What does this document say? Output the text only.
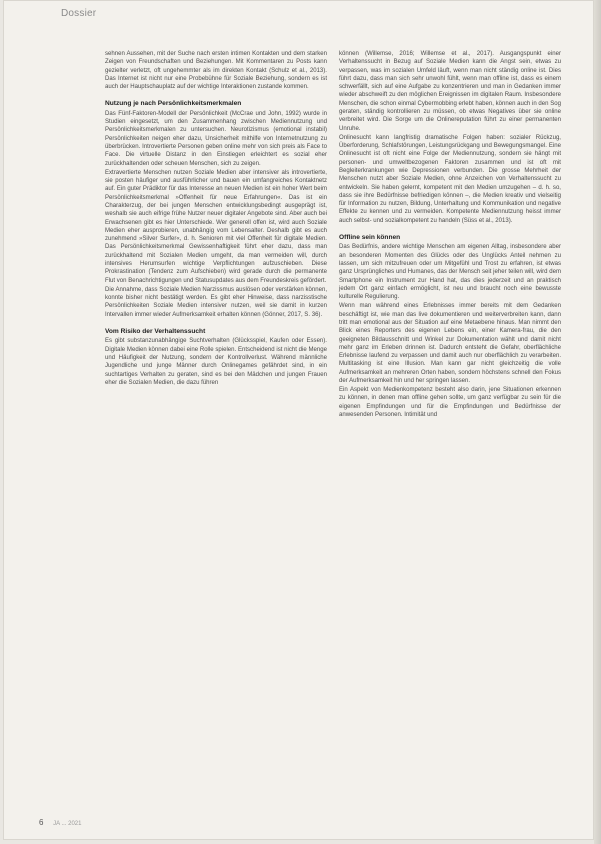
Dossier

sehnen Aussehen, mit der Suche nach ersten intimen Kontakten und dem starken Zeigen von Freundschaften und Beziehungen. Mit Kommentaren zu Posts kann gezielter verletzt, oft ungehemmter als im direkten Kontakt (Schulz et al., 2013). Das Internet ist nicht nur eine Probebühne für Soziale Beziehung, sondern es ist auch der Hauptschauplatz auf der wichtige Interaktionen zustande kommen.

Nutzung je nach Persönlichkeitsmerkmalen

Das Fünf-Faktoren-Modell der Persönlichkeit (McCrae und John, 1992) wurde in Studien eingesetzt, um den Zusammenhang zwischen Mediennutzung und Persönlichkeitsmerkmalen zu untersuchen. Neurotizismus (emotional instabil) Persönlichkeiten neigen eher dazu, Unsicherheit mithilfe von Internetnutzung zu überbrücken. Introvertierte Personen geben online mehr von sich preis als Face to Face. Die virtuelle Distanz in den Einstiegen erleichtert es sozial eher zurückhaltenden oder scheuen Menschen, sich zu zeigen.

Extravertierte Menschen nutzen Soziale Medien aber intensiver als introvertierte, sie posten häufiger und ausführlicher und bauen ein umfangreiches Kontaktnetz auf. Ein guter Prädiktor für das Interesse an neuen Medien ist ein hoher Wert beim Persönlichkeitsmerkmal »Offenheit für neue Erfahrungen«. Das ist ein Charakterzug, der bei jungen Menschen entwicklungsbedingt ausgeprägt ist, weshalb sie auch eifrige frühe Nutzer neuer digitaler Angebote sind. Aber auch bei Erwachsenen gibt es hier Unterschiede. Wer generell offen ist, wird auch Soziale Medien eher ausprobieren, unabhängig vom Lebensalter. Deshalb gibt es auch zunehmend »Silver Surfer«, d. h. Senioren mit viel Offenheit für digitale Medien. Das Persönlichkeitsmerkmal Gewissenhaftigkeit führt eher dazu, dass man zurückhaltend mit Sozialen Medien umgeht, da man vermeiden will, durch intensives Herumsurfen wichtige Verpflichtungen aufzuschieben. Diese Prokrastination (Tendenz zum Aufschieben) wird gerade durch die permanente Flut von Benachrichtigungen und Statusupdates aus dem Freundeskreis gefördert.

Die Annahme, dass Soziale Medien Narzissmus auslösen oder verstärken können, konnte bisher nicht bestätigt werden. Es gibt eher Hinweise, dass narzisstische Persönlichkeiten Soziale Medien intensiver nutzen, weil sie damit in kurzen Intervallen immer wieder Aufmerksamkeit erhalten können (Gönner, 2017, S. 36).

Vom Risiko der Verhaltenssucht

Es gibt substanzunabhängige Suchtverhalten (Glücksspiel, Kaufen oder Essen). Digitale Medien können dabei eine Rolle spielen. Entscheidend ist nicht die Menge und Häufigkeit der Nutzung, sondern der Kontrollverlust. Während männliche Jugendliche und junge Männer durch Onlinegames gefährdet sind, in ein suchtartiges Verhalten zu geraten, sind es bei den Mädchen und jungen Frauen eher die Sozialen Medien, die dazu führen

können (Willemse, 2016; Willemse et al., 2017). Ausgangspunkt einer Verhaltenssucht in Bezug auf Soziale Medien kann die Angst sein, etwas zu verpassen, was im sozialen Umfeld läuft, wenn man nicht ständig online ist. Dies führt dazu, dass man sich sehr unwohl fühlt, wenn man offline ist, dass es einem schwerfällt, sich auf eine Aufgabe zu konzentrieren und man in Gedanken immer wieder abschweift zu den möglichen Ereignissen im digitalen Raum. Insbesondere Menschen, die schon einmal Cybermobbing erlebt haben, können auch in den Sog geraten, ständig kontrollieren zu müssen, ob etwas Negatives über sie online verbreitet wird. Die Sorge um die Onlinereputation führt zu einer permanenten Unruhe.

Onlinesucht kann langfristig dramatische Folgen haben: sozialer Rückzug, Überforderung, Schlafstörungen, Leistungsrückgang und Bewegungsmangel. Eine Onlinesucht ist oft nicht eine Folge der Mediennutzung, sondern sie hängt mit personen- und umweltbezogenen Faktoren zusammen und ist oft mit Begleiterkrankungen wie Depressionen verbunden. Die grosse Mehrheit der Menschen nutzt aber Soziale Medien, ohne Anzeichen von Verhaltenssucht zu entwickeln. Sie haben gelernt, kompetent mit den Medien umzugehen – d. h. so, dass sie ihre Bedürfnisse befriedigen können –, die Medien kreativ und vielseitig für Information zu nutzen, Bildung, Unterhaltung und Kommunikation und negative Effekte zu kennen und zu vermeiden. Kompetente Mediennutzung heisst immer auch selbst- und sozialkompetent zu handeln (Süss et al., 2013).

Offline sein können

Das Bedürfnis, andere wichtige Menschen am eigenen Alltag, insbesondere aber an besonderen Momenten des Glücks oder des Unglücks Anteil nehmen zu lassen, um sich mitzufreuen oder um Mitgefühl und Trost zu erfahren, ist etwas ganz Ursprüngliches und Humanes, das der Mensch seit jeher teilen will, wird dem Smartphone ein Instrument zur Hand hat, das dies jederzeit und an praktisch jedem Ort ganz einfach ermöglicht, ist neu und braucht noch eine bewusste kulturelle Regulierung.

Wenn man während eines Erlebnisses immer bereits mit dem Gedanken beschäftigt ist, wie man das live dokumentieren und weiterverbreiten kann, dann tritt man emotional aus der Situation auf eine Metaebene hinaus. Man nimmt den Blick eines Reporters des eigenen Lebens ein, einer Kamera-frau, die den geeigneten Bildausschnitt und Winkel zur Dokumentation wählt und damit nicht mehr ganz im Erleben drinnen ist. Dadurch entsteht die Gefahr, oberflächliche Erlebnisse laufend zu verpassen und damit auch nur oberflächlich zu verarbeiten. Multitasking ist eine Illusion. Man kann gar nicht gleichzeitig die volle Aufmerksamkeit an mehreren Orten haben, sondern höchstens schnell den Fokus der Aufmerksamkeit hin und her springen lassen.

Ein Aspekt von Medienkompetenz besteht also darin, jene Situationen erkennen zu können, in denen man offline gehen sollte, um ganz verfügbar zu sein für die eigenen Empfindungen und für die Empfindungen und Bedürfnisse der anwesenden Personen. Intimität und

6 JA ... 2021
